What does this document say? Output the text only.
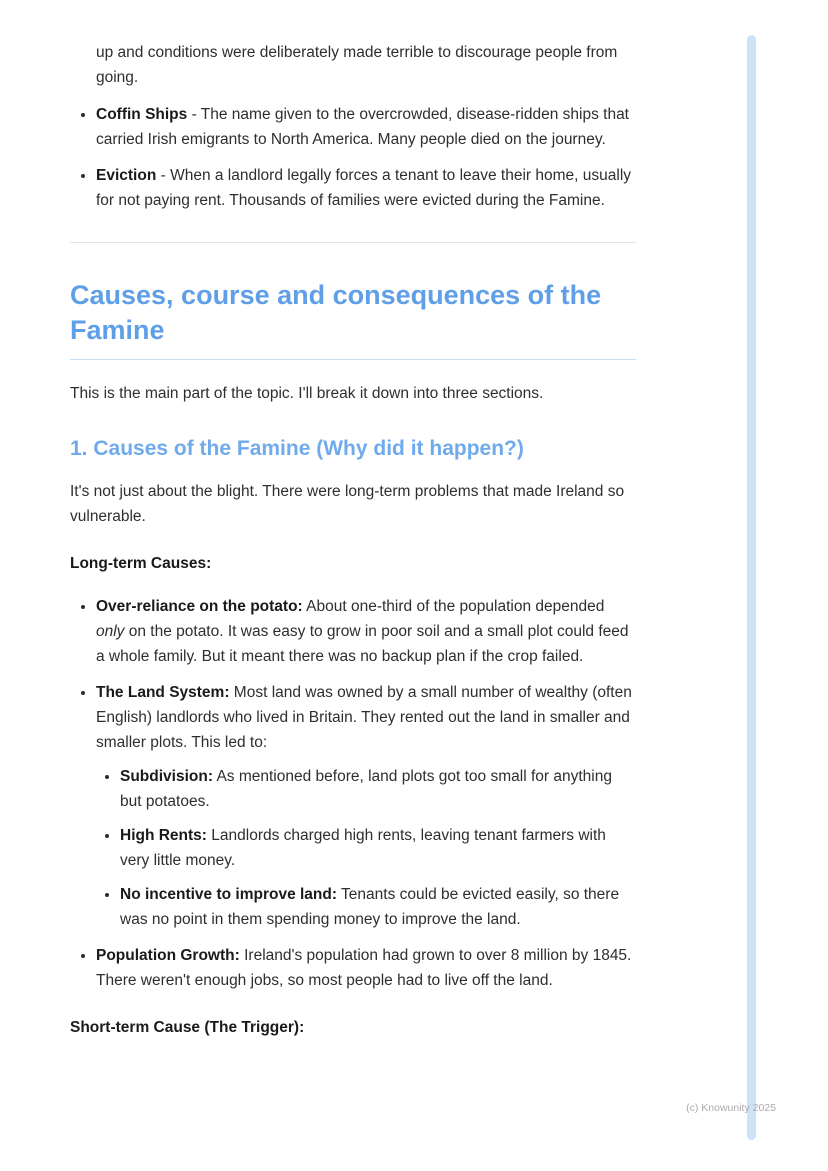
up and conditions were deliberately made terrible to discourage people from going.

• Coffin Ships - The name given to the overcrowded, disease-ridden ships that carried Irish emigrants to North America. Many people died on the journey.
• Eviction - When a landlord legally forces a tenant to leave their home, usually for not paying rent. Thousands of families were evicted during the Famine.
Causes, course and consequences of the Famine

This is the main part of the topic. I'll break it down into three sections.

1. Causes of the Famine (Why did it happen?)

It's not just about the blight. There were long-term problems that made Ireland so vulnerable.

Long-term Causes:

• Over-reliance on the potato: About one-third of the population depended only on the potato. It was easy to grow in poor soil and a small plot could feed a whole family. But it meant there was no backup plan if the crop failed.
• The Land System: Most land was owned by a small number of wealthy (often English) landlords who lived in Britain. They rented out the land in smaller and smaller plots. This led to:
• Subdivision: As mentioned before, land plots got too small for anything but potatoes.
• High Rents: Landlords charged high rents, leaving tenant farmers with very little money.
• No incentive to improve land: Tenants could be evicted easily, so there was no point in them spending money to improve the land.
• Population Growth: Ireland's population had grown to over 8 million by 1845. There weren't enough jobs, so most people had to live off the land.

Short-term Cause (The Trigger):

(c) Knowunity 2025
